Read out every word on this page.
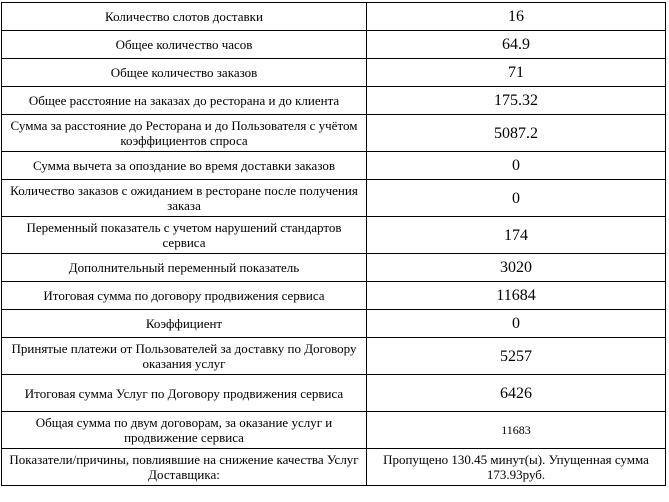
Количество слотов доставки	16
Общее количество часов	64.9
Общее количество заказов	71
Общее расстояние на заказах до ресторана и до клиента	175.32
Сумма за расстояние до Ресторана и до Пользователя с учётом коэффициентов спроса	5087.2
Сумма вычета за опоздание во время доставки заказов	0
Количество заказов с ожиданием в ресторане после получения заказа	0
Переменный показатель с учетом нарушений стандартов сервиса	174
Дополнительный переменный показатель	3020
Итоговая сумма по договору продвижения сервиса	11684
Коэффициент	0
Принятые платежи от Пользователей за доставку по Договору оказания услуг	5257
Итоговая сумма Услуг по Договору продвижения сервиса	6426
Общая сумма по двум договорам, за оказание услуг и продвижение сервиса	11683
Показатели/причины, повлиявшие на снижение качества Услуг Доставщика:	Пропущено 130.45 минут(ы). Упущенная сумма 173.93руб.
